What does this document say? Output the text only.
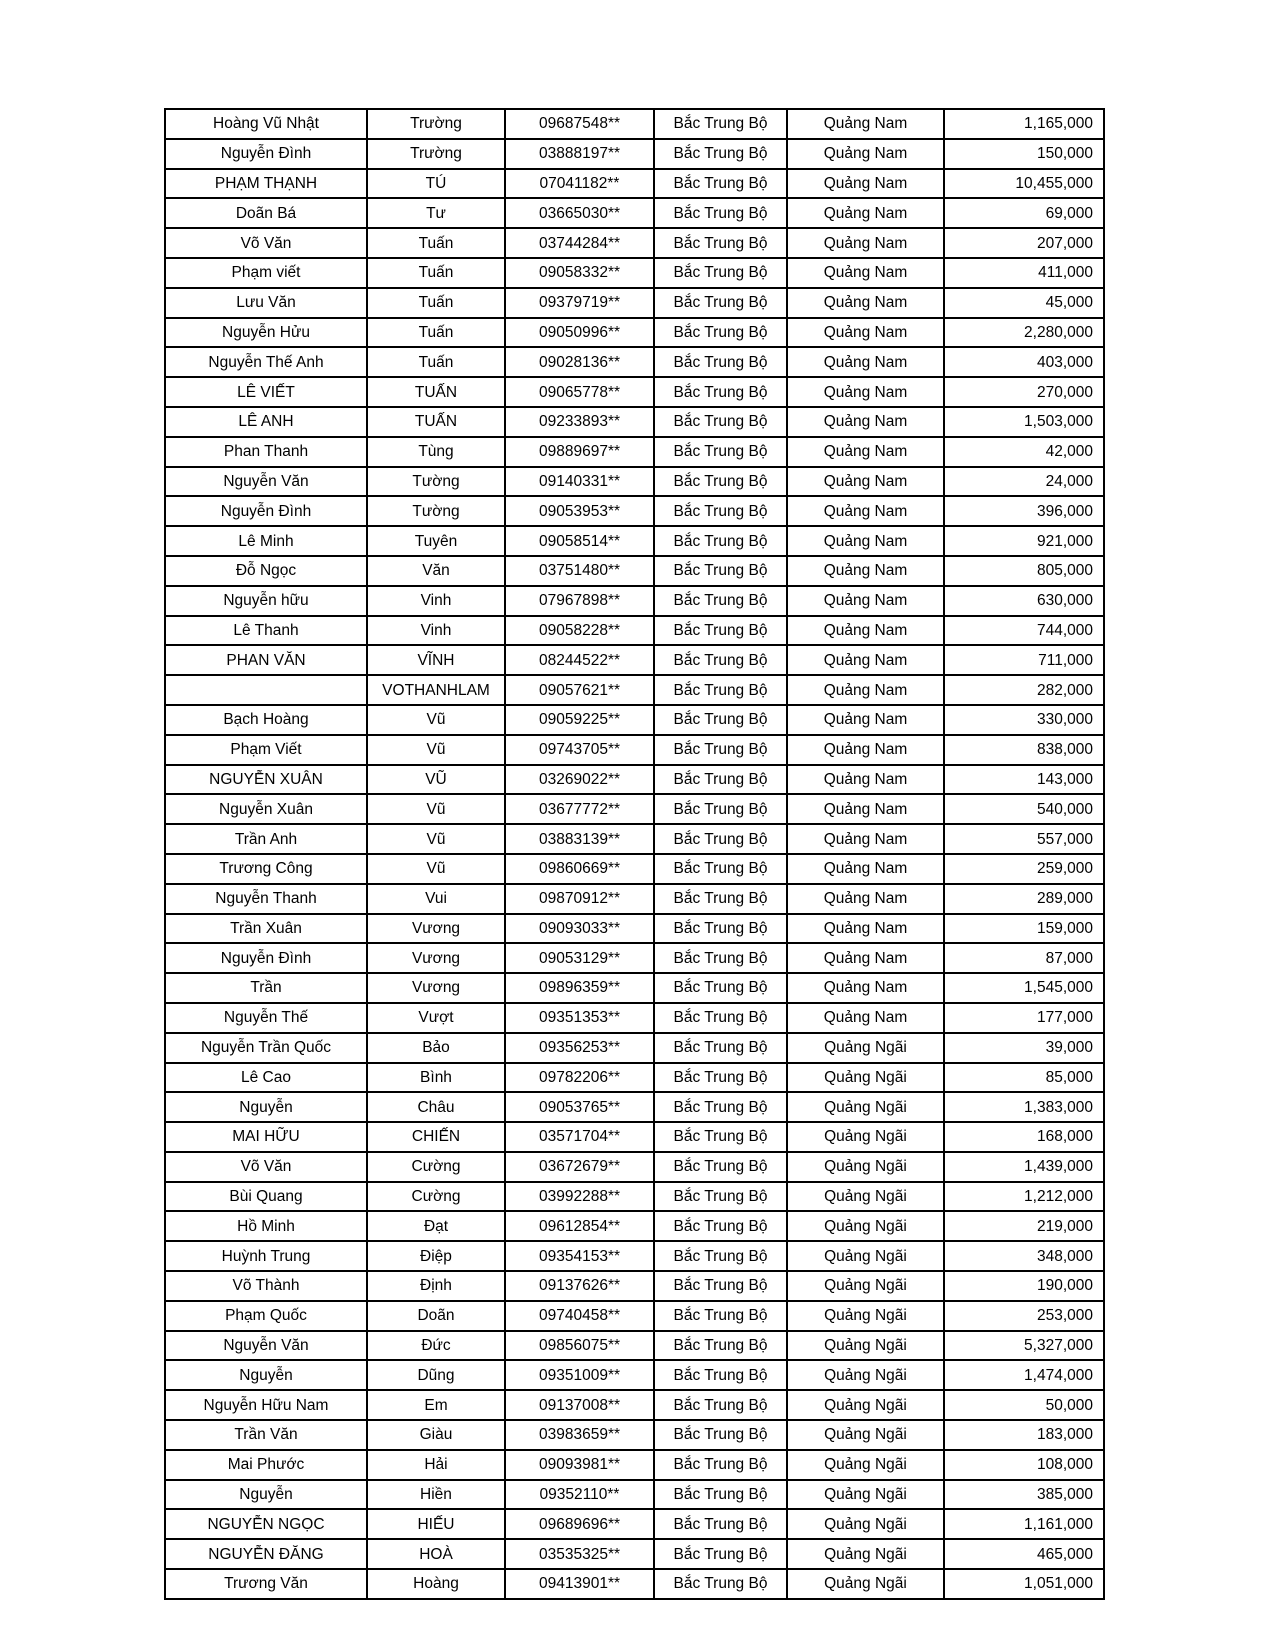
Hoàng Vũ Nhật	Trường	09687548**	Bắc Trung Bộ	Quảng Nam	1,165,000
Nguyễn Đình	Trường	03888197**	Bắc Trung Bộ	Quảng Nam	150,000
PHẠM THẠNH	TÚ	07041182**	Bắc Trung Bộ	Quảng Nam	10,455,000
Doãn Bá	Tư	03665030**	Bắc Trung Bộ	Quảng Nam	69,000
Võ Văn	Tuấn	03744284**	Bắc Trung Bộ	Quảng Nam	207,000
Phạm viết	Tuấn	09058332**	Bắc Trung Bộ	Quảng Nam	411,000
Lưu Văn	Tuấn	09379719**	Bắc Trung Bộ	Quảng Nam	45,000
Nguyễn Hửu	Tuấn	09050996**	Bắc Trung Bộ	Quảng Nam	2,280,000
Nguyễn Thế Anh	Tuấn	09028136**	Bắc Trung Bộ	Quảng Nam	403,000
LÊ VIẾT	TUẤN	09065778**	Bắc Trung Bộ	Quảng Nam	270,000
LÊ ANH	TUẤN	09233893**	Bắc Trung Bộ	Quảng Nam	1,503,000
Phan Thanh	Tùng	09889697**	Bắc Trung Bộ	Quảng Nam	42,000
Nguyễn Văn	Tường	09140331**	Bắc Trung Bộ	Quảng Nam	24,000
Nguyễn Đình	Tường	09053953**	Bắc Trung Bộ	Quảng Nam	396,000
Lê Minh	Tuyên	09058514**	Bắc Trung Bộ	Quảng Nam	921,000
Đỗ Ngọc	Văn	03751480**	Bắc Trung Bộ	Quảng Nam	805,000
Nguyễn hữu	Vinh	07967898**	Bắc Trung Bộ	Quảng Nam	630,000
Lê Thanh	Vinh	09058228**	Bắc Trung Bộ	Quảng Nam	744,000
PHAN VĂN	VĨNH	08244522**	Bắc Trung Bộ	Quảng Nam	711,000
	VOTHANHLAM	09057621**	Bắc Trung Bộ	Quảng Nam	282,000
Bạch Hoàng	Vũ	09059225**	Bắc Trung Bộ	Quảng Nam	330,000
Phạm Viết	Vũ	09743705**	Bắc Trung Bộ	Quảng Nam	838,000
NGUYỄN XUÂN	VŨ	03269022**	Bắc Trung Bộ	Quảng Nam	143,000
Nguyễn Xuân	Vũ	03677772**	Bắc Trung Bộ	Quảng Nam	540,000
Trần Anh	Vũ	03883139**	Bắc Trung Bộ	Quảng Nam	557,000
Trương Công	Vũ	09860669**	Bắc Trung Bộ	Quảng Nam	259,000
Nguyễn Thanh	Vui	09870912**	Bắc Trung Bộ	Quảng Nam	289,000
Trần Xuân	Vương	09093033**	Bắc Trung Bộ	Quảng Nam	159,000
Nguyễn Đình	Vương	09053129**	Bắc Trung Bộ	Quảng Nam	87,000
Trần	Vương	09896359**	Bắc Trung Bộ	Quảng Nam	1,545,000
Nguyễn Thế	Vượt	09351353**	Bắc Trung Bộ	Quảng Nam	177,000
Nguyễn Trần Quốc	Bảo	09356253**	Bắc Trung Bộ	Quảng Ngãi	39,000
Lê Cao	Bình	09782206**	Bắc Trung Bộ	Quảng Ngãi	85,000
Nguyễn	Châu	09053765**	Bắc Trung Bộ	Quảng Ngãi	1,383,000
MAI HỮU	CHIẾN	03571704**	Bắc Trung Bộ	Quảng Ngãi	168,000
Võ Văn	Cường	03672679**	Bắc Trung Bộ	Quảng Ngãi	1,439,000
Bùi Quang	Cường	03992288**	Bắc Trung Bộ	Quảng Ngãi	1,212,000
Hồ Minh	Đạt	09612854**	Bắc Trung Bộ	Quảng Ngãi	219,000
Huỳnh Trung	Điệp	09354153**	Bắc Trung Bộ	Quảng Ngãi	348,000
Võ Thành	Định	09137626**	Bắc Trung Bộ	Quảng Ngãi	190,000
Phạm Quốc	Doãn	09740458**	Bắc Trung Bộ	Quảng Ngãi	253,000
Nguyễn Văn	Đức	09856075**	Bắc Trung Bộ	Quảng Ngãi	5,327,000
Nguyễn	Dũng	09351009**	Bắc Trung Bộ	Quảng Ngãi	1,474,000
Nguyễn Hữu Nam	Em	09137008**	Bắc Trung Bộ	Quảng Ngãi	50,000
Trần Văn	Giàu	03983659**	Bắc Trung Bộ	Quảng Ngãi	183,000
Mai Phước	Hải	09093981**	Bắc Trung Bộ	Quảng Ngãi	108,000
Nguyễn	Hiền	09352110**	Bắc Trung Bộ	Quảng Ngãi	385,000
NGUYỄN NGỌC	HIẾU	09689696**	Bắc Trung Bộ	Quảng Ngãi	1,161,000
NGUYỄN ĐĂNG	HOÀ	03535325**	Bắc Trung Bộ	Quảng Ngãi	465,000
Trương Văn	Hoàng	09413901**	Bắc Trung Bộ	Quảng Ngãi	1,051,000
